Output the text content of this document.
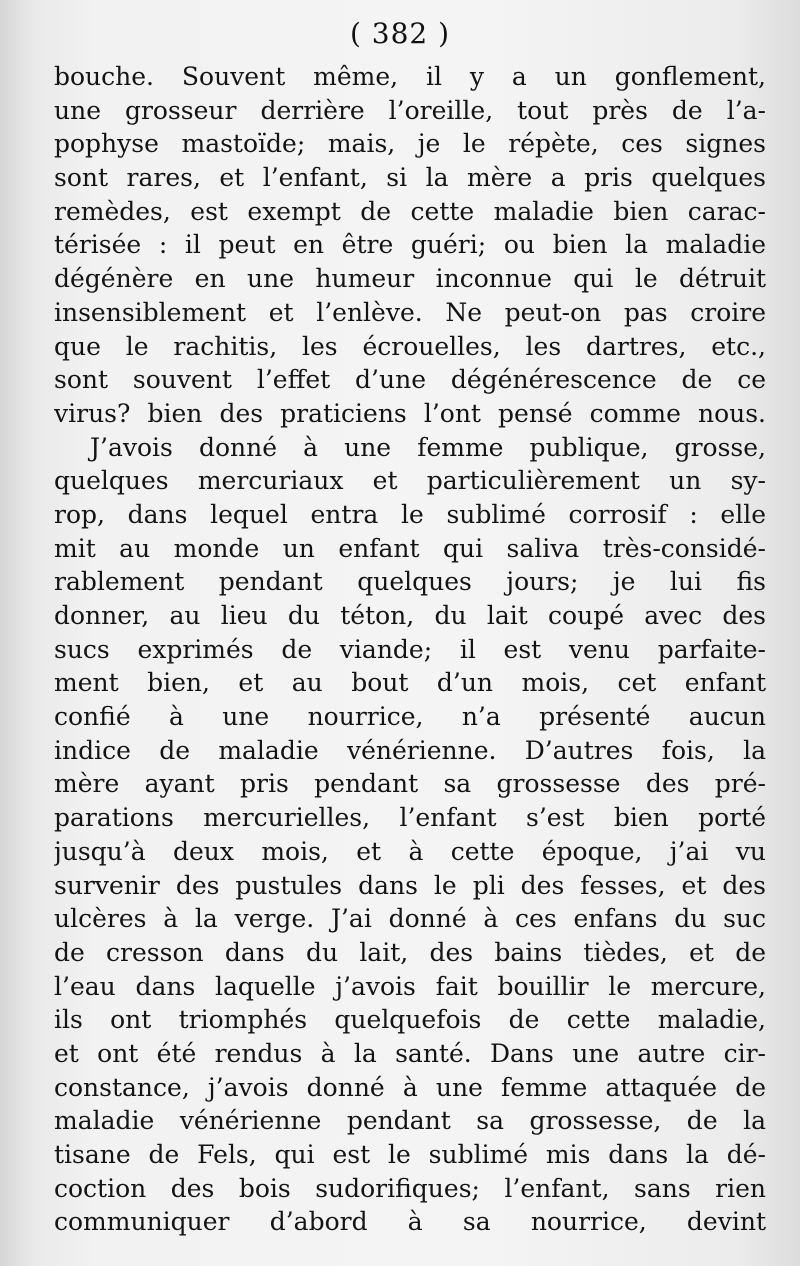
( 382 )
bouche. Souvent même, il y a un gonflement,
une grosseur derrière l’oreille, tout près de l’a-
pophyse mastoïde; mais, je le répète, ces signes
sont rares, et l’enfant, si la mère a pris quelques
remèdes, est exempt de cette maladie bien carac-
térisée : il peut en être guéri; ou bien la maladie
dégénère en une humeur inconnue qui le détruit
insensiblement et l’enlève. Ne peut-on pas croire
que le rachitis, les écrouelles, les dartres, etc.,
sont souvent l’effet d’une dégénérescence de ce
virus? bien des praticiens l’ont pensé comme nous.
J’avois donné à une femme publique, grosse,
quelques mercuriaux et particulièrement un sy-
rop, dans lequel entra le sublimé corrosif : elle
mit au monde un enfant qui saliva très-considé-
rablement pendant quelques jours; je lui fis
donner, au lieu du téton, du lait coupé avec des
sucs exprimés de viande; il est venu parfaite-
ment bien, et au bout d’un mois, cet enfant
confié à une nourrice, n’a présenté aucun
indice de maladie vénérienne. D’autres fois, la
mère ayant pris pendant sa grossesse des pré-
parations mercurielles, l’enfant s’est bien porté
jusqu’à deux mois, et à cette époque, j’ai vu
survenir des pustules dans le pli des fesses, et des
ulcères à la verge. J’ai donné à ces enfans du suc
de cresson dans du lait, des bains tièdes, et de
l’eau dans laquelle j’avois fait bouillir le mercure,
ils ont triomphés quelquefois de cette maladie,
et ont été rendus à la santé. Dans une autre cir-
constance, j’avois donné à une femme attaquée de
maladie vénérienne pendant sa grossesse, de la
tisane de Fels, qui est le sublimé mis dans la dé-
coction des bois sudorifiques; l’enfant, sans rien
communiquer d’abord à sa nourrice, devint
